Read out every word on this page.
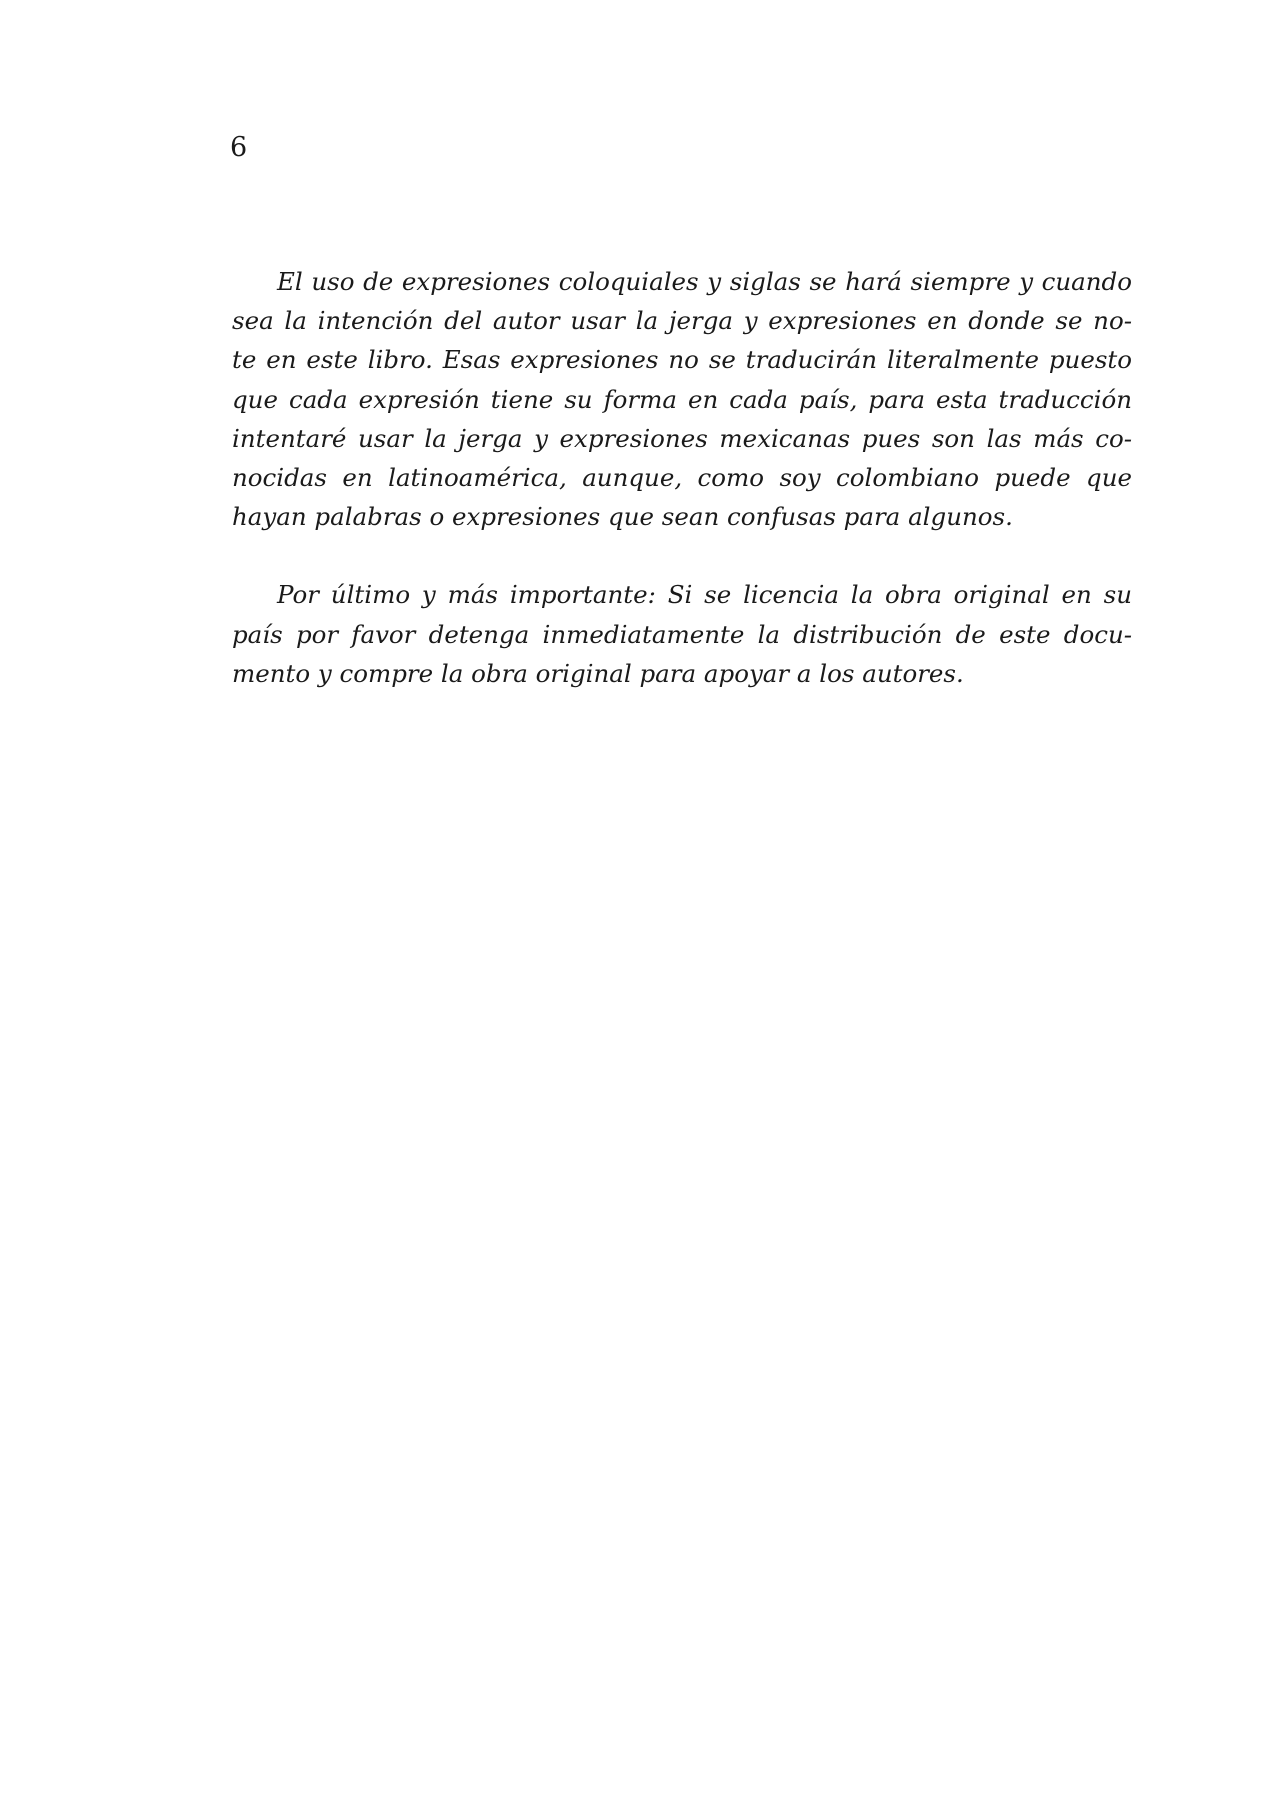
6

El uso de expresiones coloquiales y siglas se hará siempre y cuando
sea la intención del autor usar la jerga y expresiones en donde se no-
te en este libro. Esas expresiones no se traducirán literalmente puesto
que cada expresión tiene su forma en cada país, para esta traducción
intentaré usar la jerga y expresiones mexicanas pues son las más co-
nocidas en latinoamérica, aunque, como soy colombiano puede que
hayan palabras o expresiones que sean confusas para algunos.
Por último y más importante: Si se licencia la obra original en su
país por favor detenga inmediatamente la distribución de este docu-
mento y compre la obra original para apoyar a los autores.
